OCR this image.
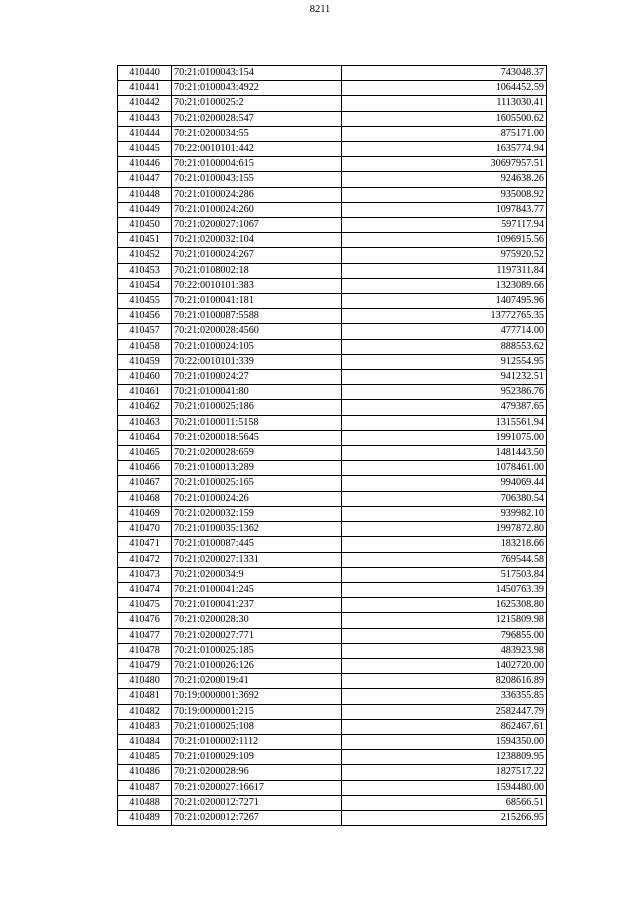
8211
410440	70:21:0100043:154	743048.37
410441	70:21:0100043:4922	1064452.59
410442	70:21:0100025:2	1113030.41
410443	70:21:0200028:547	1605500.62
410444	70:21:0200034:55	875171.00
410445	70:22:0010101:442	1635774.94
410446	70:21:0100004:615	30697957.51
410447	70:21:0100043:155	924638.26
410448	70:21:0100024:286	935008.92
410449	70:21:0100024:260	1097843.77
410450	70:21:0200027:1067	597117.94
410451	70:21:0200032:104	1096915.56
410452	70:21:0100024:267	975920.52
410453	70:21:0108002:18	1197311.84
410454	70:22:0010101:383	1323089.66
410455	70:21:0100041:181	1407495.96
410456	70:21:0100087:5588	13772765.35
410457	70:21:0200028:4560	477714.00
410458	70:21:0100024:105	888553.62
410459	70:22:0010101:339	912554.95
410460	70:21:0100024:27	941232.51
410461	70:21:0100041:80	952386.76
410462	70:21:0100025:186	479387.65
410463	70:21:0100011:5158	1315561.94
410464	70:21:0200018:5645	1991075.00
410465	70:21:0200028:659	1481443.50
410466	70:21:0100013:289	1078461.00
410467	70:21:0100025:165	994069.44
410468	70:21:0100024:26	706380.54
410469	70:21:0200032:159	939982.10
410470	70:21:0100035:1362	1997872.80
410471	70:21:0100087:445	183218.66
410472	70:21:0200027:1331	769544.58
410473	70:21:0200034:9	517503.84
410474	70:21:0100041:245	1450763.39
410475	70:21:0100041:237	1625308.80
410476	70:21:0200028:30	1215809.98
410477	70:21:0200027:771	796855.00
410478	70:21:0100025:185	483923.98
410479	70:21:0100026:126	1402720.00
410480	70:21:0200019:41	8208616.89
410481	70:19:0000001:3692	336355.85
410482	70:19:0000001:215	2582447.79
410483	70:21:0100025:108	862467.61
410484	70:21:0100002:1112	1594350.00
410485	70:21:0100029:109	1238809.95
410486	70:21:0200028:96	1827517.22
410487	70:21:0200027:16617	1594480.00
410488	70:21:0200012:7271	68566.51
410489	70:21:0200012:7267	215266.95
